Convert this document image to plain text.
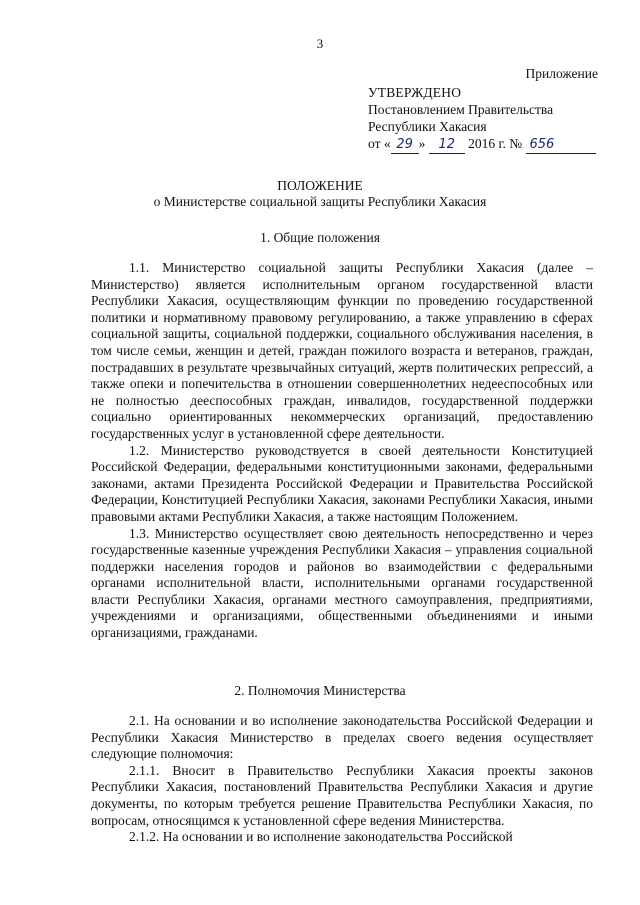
3
Приложение
УТВЕРЖДЕНО
Постановлением Правительства
Республики Хакасия
от « 29 » 12 2016 г. № 656
ПОЛОЖЕНИЕ
о Министерстве социальной защиты Республики Хакасия
1. Общие положения

1.1. Министерство социальной защиты Республики Хакасия (далее – Министерство) является исполнительным органом государственной власти Республики Хакасия, осуществляющим функции по проведению государственной политики и нормативному правовому регулированию, а также управлению в сферах социальной защиты, социальной поддержки, социального обслуживания населения, в том числе семьи, женщин и детей, граждан пожилого возраста и ветеранов, граждан, пострадавших в результате чрезвычайных ситуаций, жертв политических репрессий, а также опеки и попечительства в отношении совершеннолетних недееспособных или не полностью дееспособных граждан, инвалидов, государственной поддержки социально ориентированных некоммерческих организаций, предоставлению государственных услуг в установленной сфере деятельности.

1.2. Министерство руководствуется в своей деятельности Конституцией Российской Федерации, федеральными конституционными законами, федеральными законами, актами Президента Российской Федерации и Правительства Российской Федерации, Конституцией Республики Хакасия, законами Республики Хакасия, иными правовыми актами Республики Хакасия, а также настоящим Положением.

1.3. Министерство осуществляет свою деятельность непосредственно и через государственные казенные учреждения Республики Хакасия – управления социальной поддержки населения городов и районов во взаимодействии с федеральными органами исполнительной власти, исполнительными органами государственной власти Республики Хакасия, органами местного самоуправления, предприятиями, учреждениями и организациями, общественными объединениями и иными организациями, гражданами.

2. Полномочия Министерства

2.1. На основании и во исполнение законодательства Российской Федерации и Республики Хакасия Министерство в пределах своего ведения осуществляет следующие полномочия:

2.1.1. Вносит в Правительство Республики Хакасия проекты законов Республики Хакасия, постановлений Правительства Республики Хакасия и другие документы, по которым требуется решение Правительства Республики Хакасия, по вопросам, относящимся к установленной сфере ведения Министерства.

2.1.2. На основании и во исполнение законодательства Российской
